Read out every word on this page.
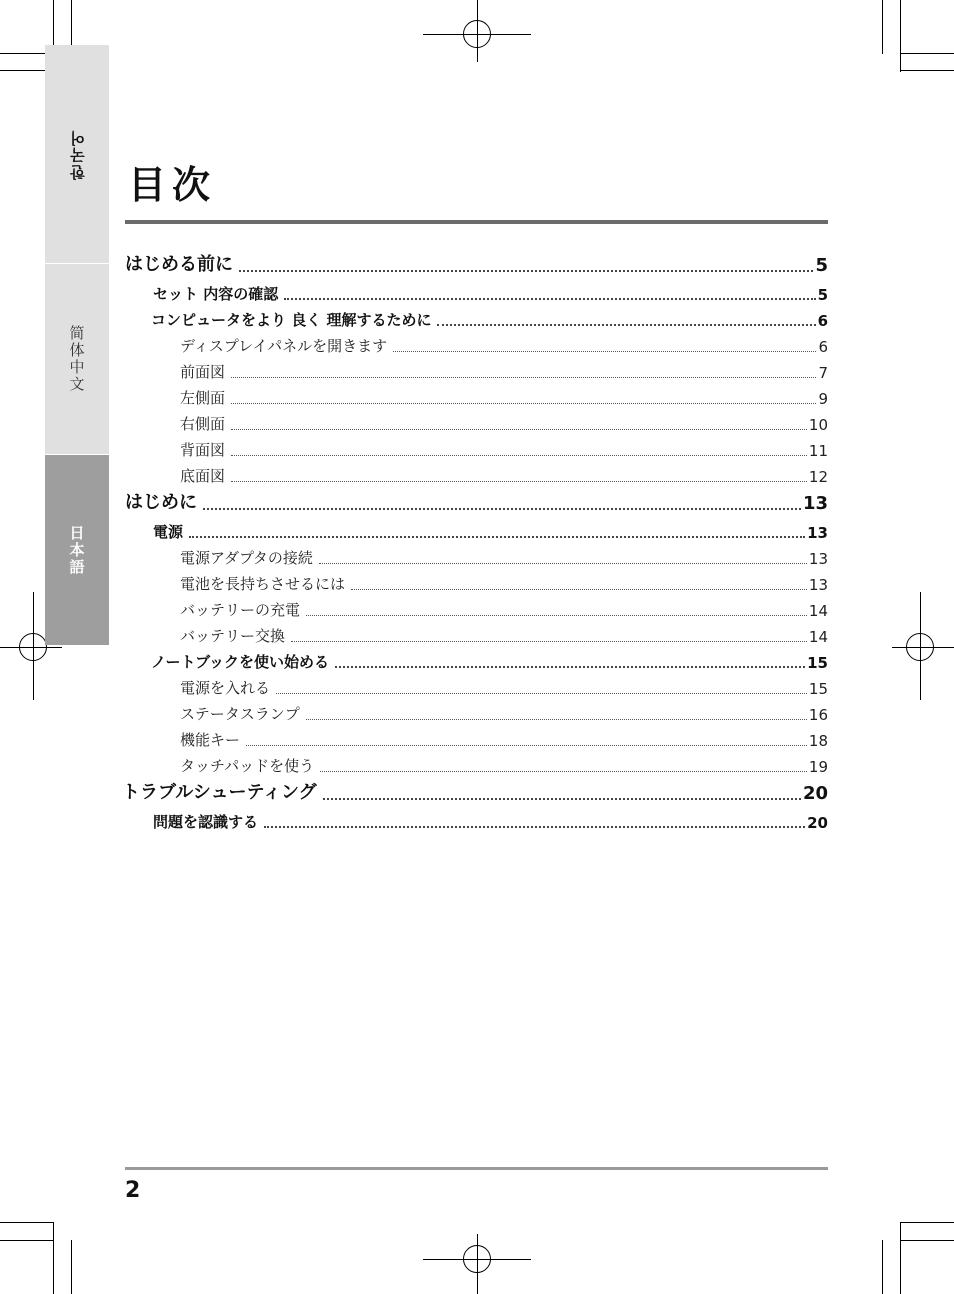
한국어
简体中文
日本語
目次
はじめる前に	5
セット 内容の確認	5
コンピュータをより 良く 理解するために	6
ディスプレイパネルを開きます	6
前面図	7
左側面	9
右側面	10
背面図	11
底面図	12
はじめに	13
電源	13
電源アダプタの接続	13
電池を長持ちさせるには	13
バッテリーの充電	14
バッテリー交換	14
ノートブックを使い始める	15
電源を入れる	15
ステータスランプ	16
機能キー	18
タッチパッドを使う	19
トラブルシューティング	20
問題を認識する	20
2
